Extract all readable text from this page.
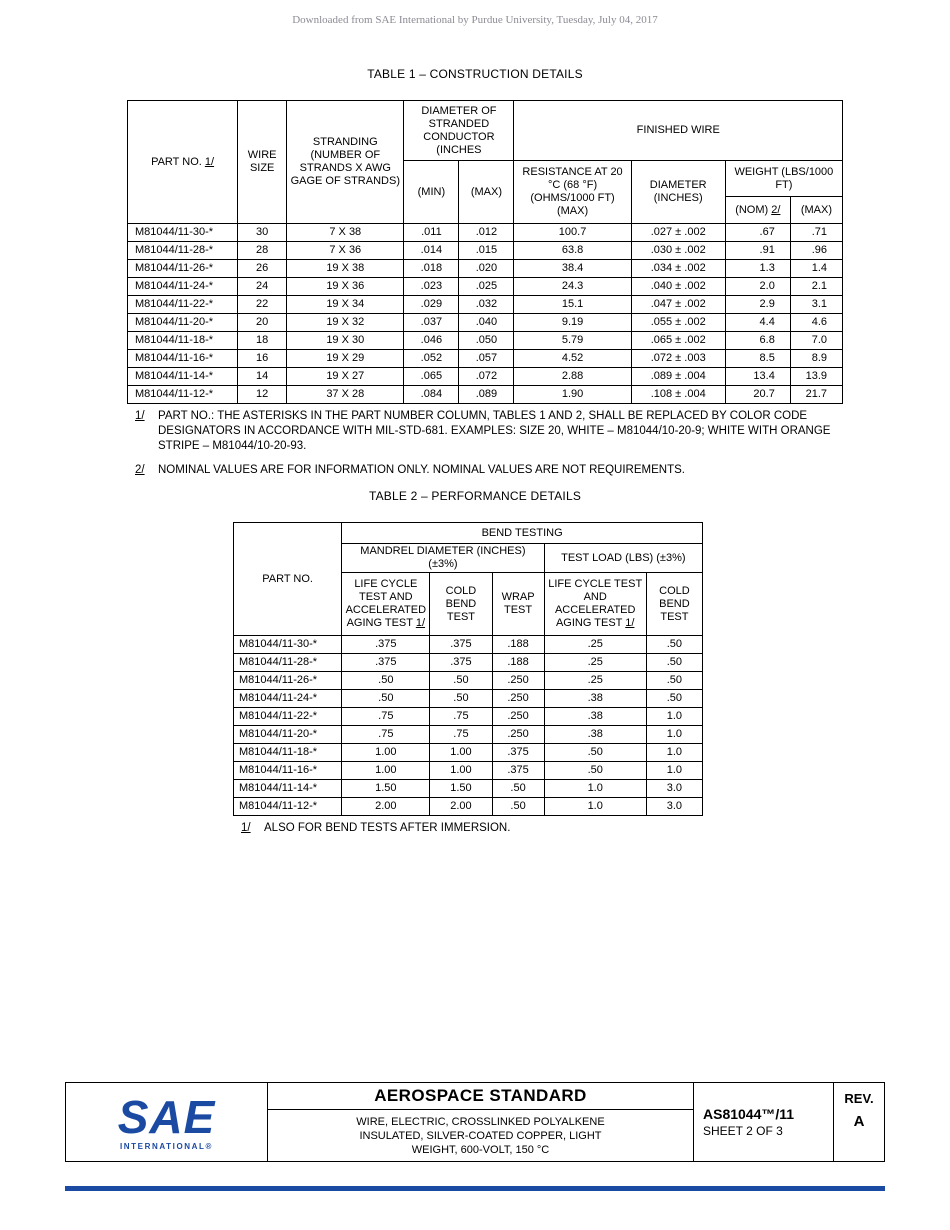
Downloaded from SAE International by Purdue University, Tuesday, July 04, 2017
TABLE 1 – CONSTRUCTION DETAILS
PART NO. 1/	WIRE SIZE	STRANDING (NUMBER OF STRANDS X AWG GAGE OF STRANDS)	DIAMETER OF STRANDED CONDUCTOR (INCHES		FINISHED WIRE			
			(MIN)	(MAX)	RESISTANCE AT 20 °C (68 °F) (OHMS/1000 FT) (MAX)	DIAMETER (INCHES)	WEIGHT (LBS/1000 FT)	
							(NOM) 2/	(MAX)
M81044/11-30-*	30	7 X 38	.011	.012	100.7	.027 ± .002	.67	.71
M81044/11-28-*	28	7 X 36	.014	.015	63.8	.030 ± .002	.91	.96
M81044/11-26-*	26	19 X 38	.018	.020	38.4	.034 ± .002	1.3	1.4
M81044/11-24-*	24	19 X 36	.023	.025	24.3	.040 ± .002	2.0	2.1
M81044/11-22-*	22	19 X 34	.029	.032	15.1	.047 ± .002	2.9	3.1
M81044/11-20-*	20	19 X 32	.037	.040	9.19	.055 ± .002	4.4	4.6
M81044/11-18-*	18	19 X 30	.046	.050	5.79	.065 ± .002	6.8	7.0
M81044/11-16-*	16	19 X 29	.052	.057	4.52	.072 ± .003	8.5	8.9
M81044/11-14-*	14	19 X 27	.065	.072	2.88	.089 ± .004	13.4	13.9
M81044/11-12-*	12	37 X 28	.084	.089	1.90	.108 ± .004	20.7	21.7
1/	PART NO.: THE ASTERISKS IN THE PART NUMBER COLUMN, TABLES 1 AND 2, SHALL BE REPLACED BY COLOR CODE DESIGNATORS IN ACCORDANCE WITH MIL-STD-681. EXAMPLES: SIZE 20, WHITE – M81044/10-20-9; WHITE WITH ORANGE STRIPE – M81044/10-20-93.
2/	NOMINAL VALUES ARE FOR INFORMATION ONLY. NOMINAL VALUES ARE NOT REQUIREMENTS.
TABLE 2 – PERFORMANCE DETAILS
PART NO.	BEND TESTING				
	MANDREL DIAMETER (INCHES) (±3%)			TEST LOAD (LBS) (±3%)	
	LIFE CYCLE TEST AND ACCELERATED AGING TEST 1/	COLD BEND TEST	WRAP TEST	LIFE CYCLE TEST AND ACCELERATED AGING TEST 1/	COLD BEND TEST
M81044/11-30-*	.375	.375	.188	.25	.50
M81044/11-28-*	.375	.375	.188	.25	.50
M81044/11-26-*	.50	.50	.250	.25	.50
M81044/11-24-*	.50	.50	.250	.38	.50
M81044/11-22-*	.75	.75	.250	.38	1.0
M81044/11-20-*	.75	.75	.250	.38	1.0
M81044/11-18-*	1.00	1.00	.375	.50	1.0
M81044/11-16-*	1.00	1.00	.375	.50	1.0
M81044/11-14-*	1.50	1.50	.50	1.0	3.0
M81044/11-12-*	2.00	2.00	.50	1.0	3.0
1/	ALSO FOR BEND TESTS AFTER IMMERSION.
SAE
INTERNATIONAL®
AEROSPACE STANDARD
WIRE, ELECTRIC, CROSSLINKED POLYALKENE INSULATED, SILVER-COATED COPPER, LIGHT WEIGHT, 600-VOLT, 150 °C
AS81044™/11
SHEET 2 OF 3
REV.
A
